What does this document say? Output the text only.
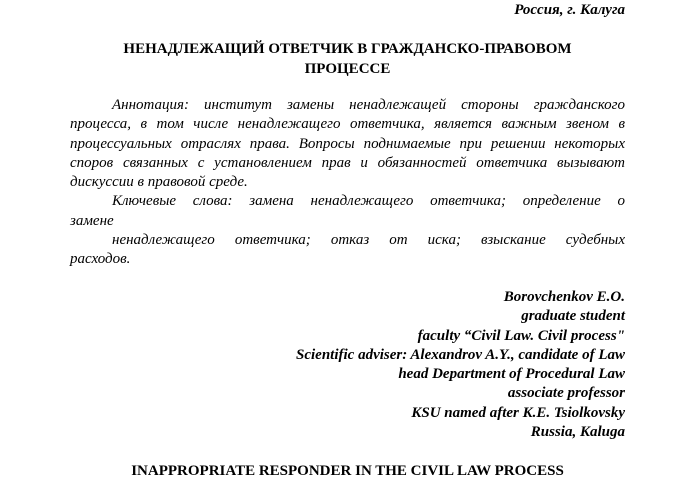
Россия, г. Калуга
НЕНАДЛЕЖАЩИЙ ОТВЕТЧИК В ГРАЖДАНСКО-ПРАВОВОМ
ПРОЦЕССЕ

Аннотация: институт замены ненадлежащей стороны гражданского процесса, в том числе ненадлежащего ответчика, является важным звеном в процессуальных отраслях права. Вопросы поднимаемые при решении некоторых споров связанных с установлением прав и обязанностей ответчика вызывают дискуссии в правовой среде.

Ключевые слова: замена ненадлежащего ответчика; определение о
замене
ненадлежащего ответчика; отказ от иска; взыскание судебных
расходов.
Borovchenkov E.O.
graduate student
faculty “Civil Law. Civil process"
Scientific adviser: Alexandrov A.Y., candidate of Law
head Department of Procedural Law
associate professor
KSU named after K.E. Tsiolkovsky
Russia, Kaluga
INAPPROPRIATE RESPONDER IN THE CIVIL LAW PROCESS
